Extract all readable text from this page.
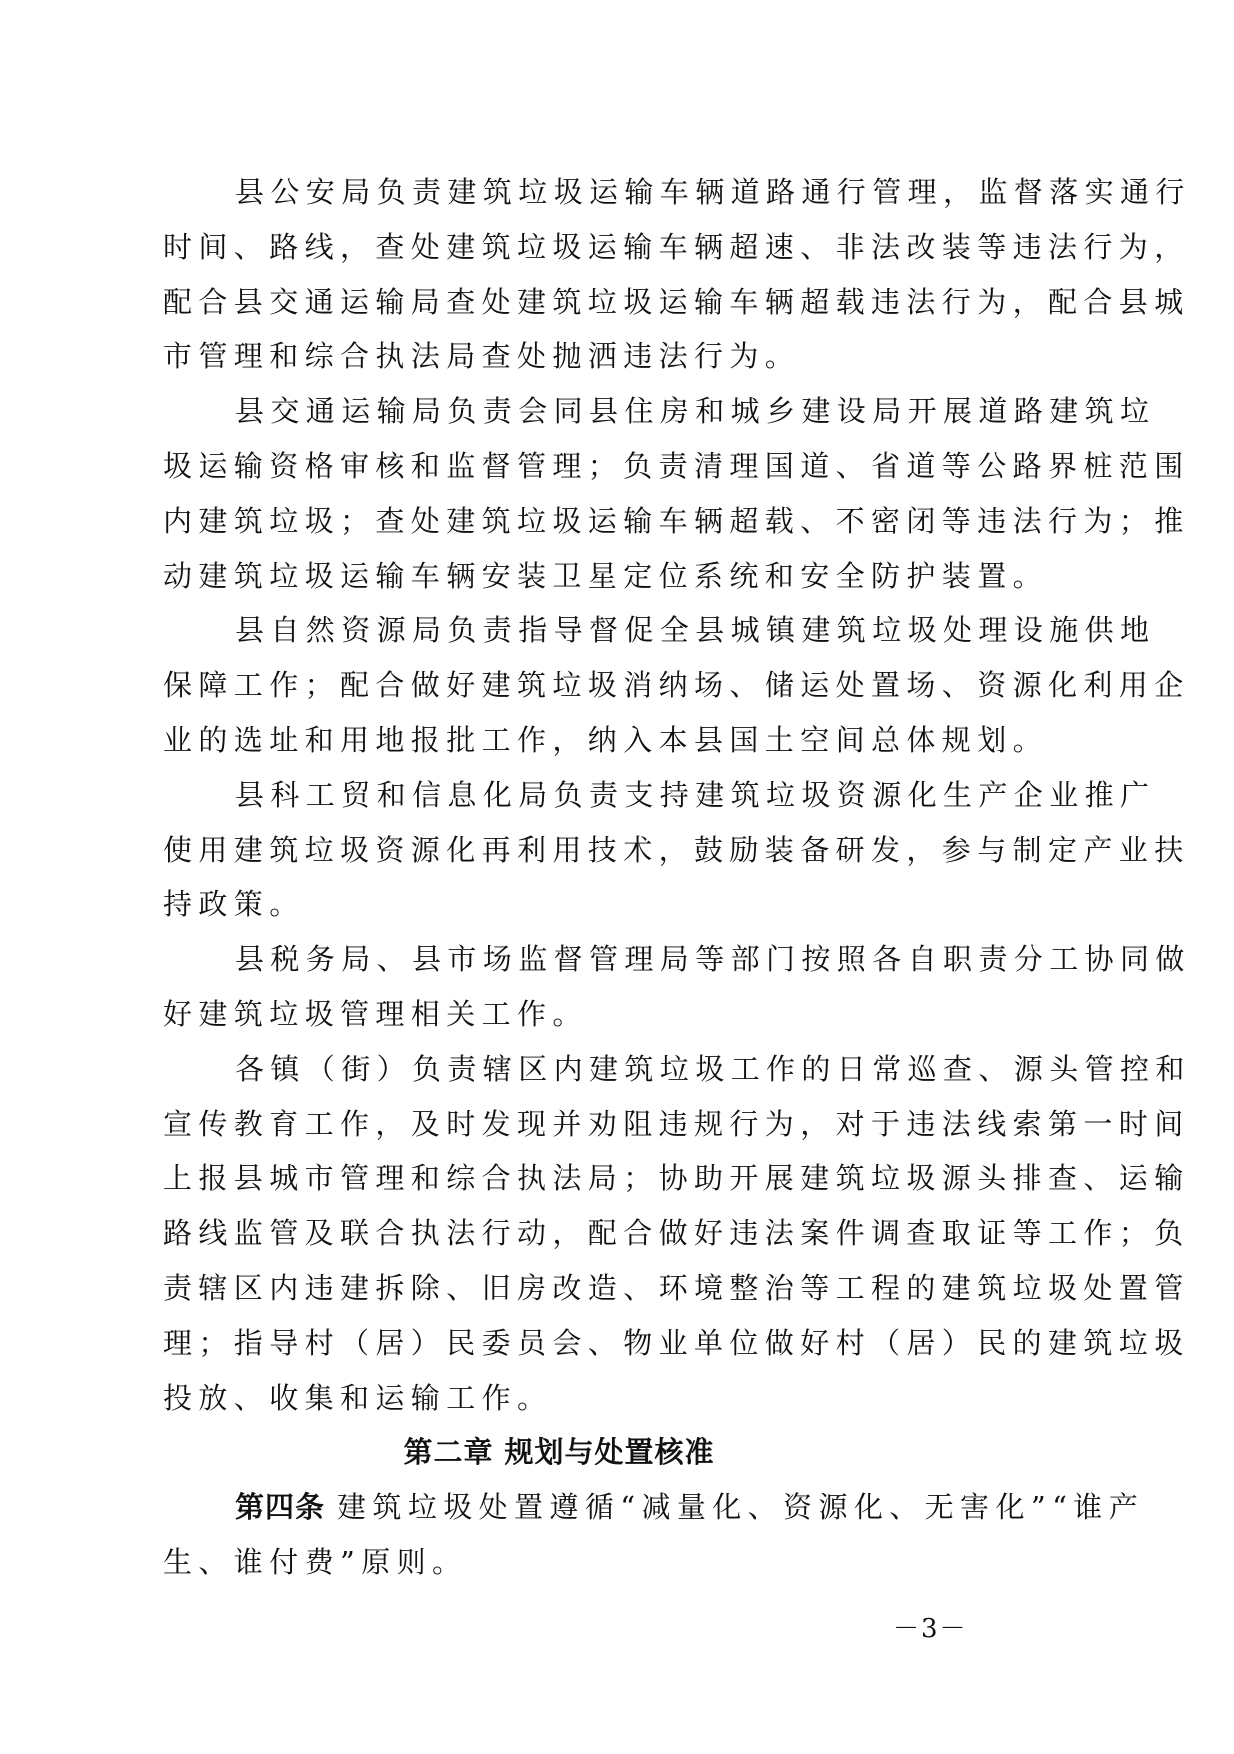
县公安局负责建筑垃圾运输车辆道路通行管理，监督落实通行
时间、路线，查处建筑垃圾运输车辆超速、非法改装等违法行为，
配合县交通运输局查处建筑垃圾运输车辆超载违法行为，配合县城
市管理和综合执法局查处抛洒违法行为。
县交通运输局负责会同县住房和城乡建设局开展道路建筑垃
圾运输资格审核和监督管理；负责清理国道、省道等公路界桩范围
内建筑垃圾；查处建筑垃圾运输车辆超载、不密闭等违法行为；推
动建筑垃圾运输车辆安装卫星定位系统和安全防护装置。
县自然资源局负责指导督促全县城镇建筑垃圾处理设施供地
保障工作；配合做好建筑垃圾消纳场、储运处置场、资源化利用企
业的选址和用地报批工作，纳入本县国土空间总体规划。
县科工贸和信息化局负责支持建筑垃圾资源化生产企业推广
使用建筑垃圾资源化再利用技术，鼓励装备研发，参与制定产业扶
持政策。
县税务局、县市场监督管理局等部门按照各自职责分工协同做
好建筑垃圾管理相关工作。
各镇（街）负责辖区内建筑垃圾工作的日常巡查、源头管控和
宣传教育工作，及时发现并劝阻违规行为，对于违法线索第一时间
上报县城市管理和综合执法局；协助开展建筑垃圾源头排查、运输
路线监管及联合执法行动，配合做好违法案件调查取证等工作；负
责辖区内违建拆除、旧房改造、环境整治等工程的建筑垃圾处置管
理；指导村（居）民委员会、物业单位做好村（居）民的建筑垃圾
投放、收集和运输工作。
第二章 规划与处置核准
第四条 建筑垃圾处置遵循“减量化、资源化、无害化”“谁产
生、谁付费”原则。
－3－
